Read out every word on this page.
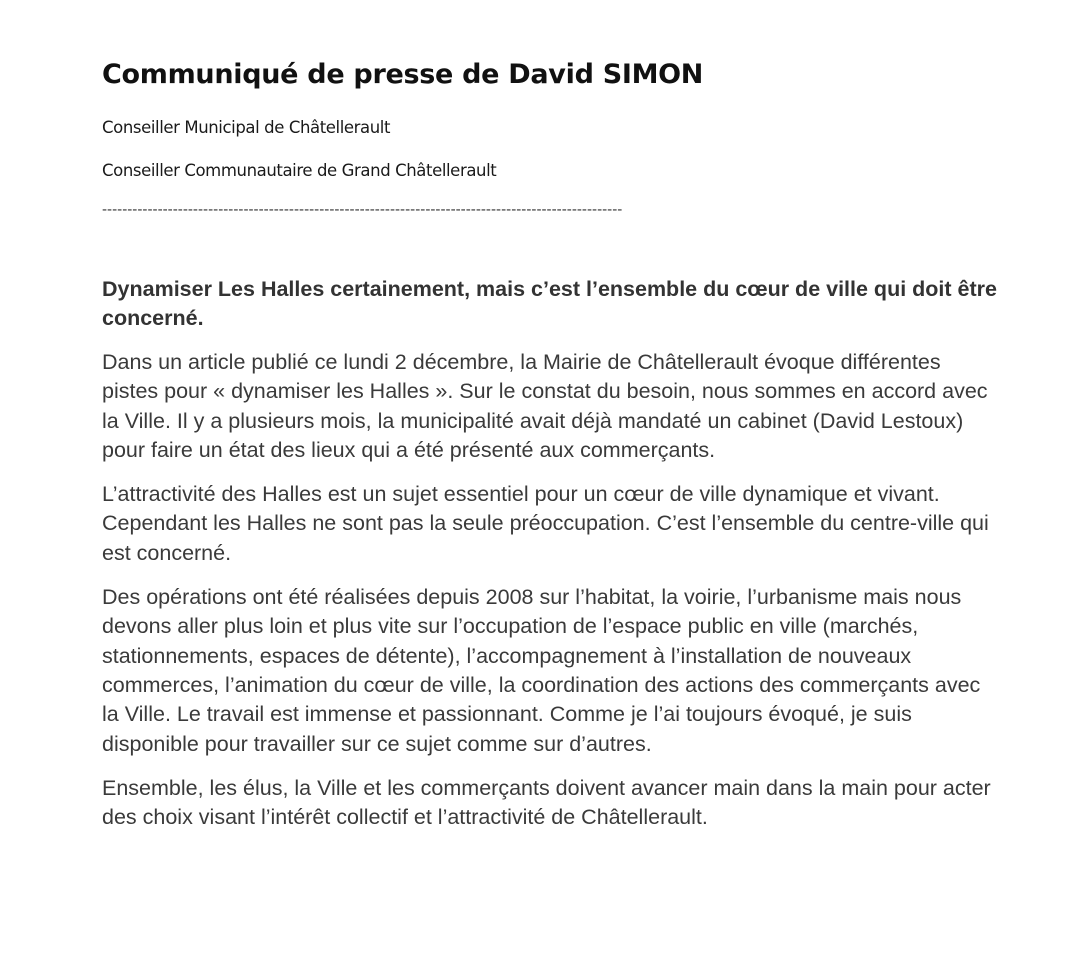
Communiqué de presse de David SIMON

Conseiller Municipal de Châtellerault

Conseiller Communautaire de Grand Châtellerault

-------------------------------------------------------------------------------------------------------

Dynamiser Les Halles certainement, mais c’est l’ensemble du cœur de ville qui doit être concerné.

Dans un article publié ce lundi 2 décembre, la Mairie de Châtellerault évoque différentes pistes pour « dynamiser les Halles ». Sur le constat du besoin, nous sommes en accord avec la Ville. Il y a plusieurs mois, la municipalité avait déjà mandaté un cabinet (David Lestoux) pour faire un état des lieux qui a été présenté aux commerçants.

L’attractivité des Halles est un sujet essentiel pour un cœur de ville dynamique et vivant. Cependant les Halles ne sont pas la seule préoccupation. C’est l’ensemble du centre-ville qui est concerné.

Des opérations ont été réalisées depuis 2008 sur l’habitat, la voirie, l’urbanisme mais nous devons aller plus loin et plus vite sur l’occupation de l’espace public en ville (marchés, stationnements, espaces de détente), l’accompagnement à l’installation de nouveaux commerces, l’animation du cœur de ville, la coordination des actions des commerçants avec la Ville. Le travail est immense et passionnant. Comme je l’ai toujours évoqué, je suis disponible pour travailler sur ce sujet comme sur d’autres.

Ensemble, les élus, la Ville et les commerçants doivent avancer main dans la main pour acter des choix visant l’intérêt collectif et l’attractivité de Châtellerault.
